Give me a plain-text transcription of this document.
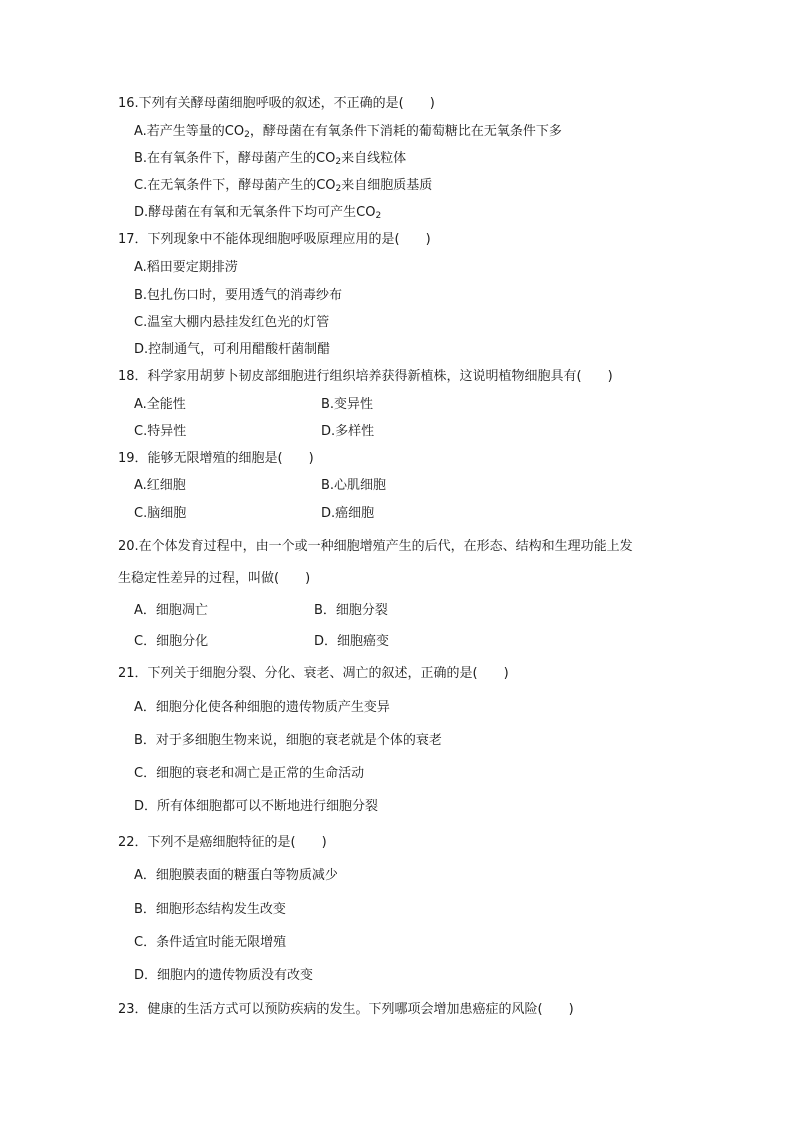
16.下列有关酵母菌细胞呼吸的叙述，不正确的是(　　)
A.若产生等量的$CO_2$，酵母菌在有氧条件下消耗的葡萄糖比在无氧条件下多
B.在有氧条件下，酵母菌产生的$CO_2$来自线粒体
C.在无氧条件下，酵母菌产生的$CO_2$来自细胞质基质
D.酵母菌在有氧和无氧条件下均可产生$CO_2$
17．下列现象中不能体现细胞呼吸原理应用的是(　　)
A.稻田要定期排涝
B.包扎伤口时，要用透气的消毒纱布
C.温室大棚内悬挂发红色光的灯管
D.控制通气，可利用醋酸杆菌制醋
18．科学家用胡萝卜韧皮部细胞进行组织培养获得新植株，这说明植物细胞具有(　　)
A.全能性	B.变异性
C.特异性	D.多样性
19．能够无限增殖的细胞是(　　)
A.红细胞	B.心肌细胞
C.脑细胞	D.癌细胞
20.在个体发育过程中，由一个或一种细胞增殖产生的后代，在形态、结构和生理功能上发
生稳定性差异的过程，叫做(　　)
A．细胞凋亡	B．细胞分裂
C．细胞分化	D．细胞癌变
21．下列关于细胞分裂、分化、衰老、凋亡的叙述，正确的是(　　)
A．细胞分化使各种细胞的遗传物质产生变异
B．对于多细胞生物来说，细胞的衰老就是个体的衰老
C．细胞的衰老和凋亡是正常的生命活动
D．所有体细胞都可以不断地进行细胞分裂
22．下列不是癌细胞特征的是(　　)
A．细胞膜表面的糖蛋白等物质减少
B．细胞形态结构发生改变
C．条件适宜时能无限增殖
D．细胞内的遗传物质没有改变
23．健康的生活方式可以预防疾病的发生。下列哪项会增加患癌症的风险(　　)
